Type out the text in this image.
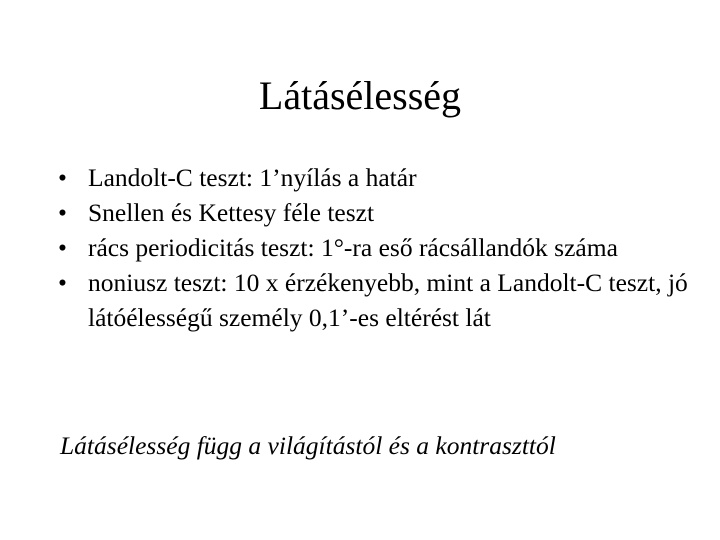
Látásélesség
• Landolt-C teszt: 1’nyílás a határ
• Snellen és Kettesy féle teszt
• rács periodicitás teszt: 1°-ra eső rácsállandók száma
• noniusz teszt: 10 x érzékenyebb, mint a Landolt-C teszt, jó látóélességű személy 0,1’-es eltérést lát

Látásélesség függ a világítástól és a kontraszttól
